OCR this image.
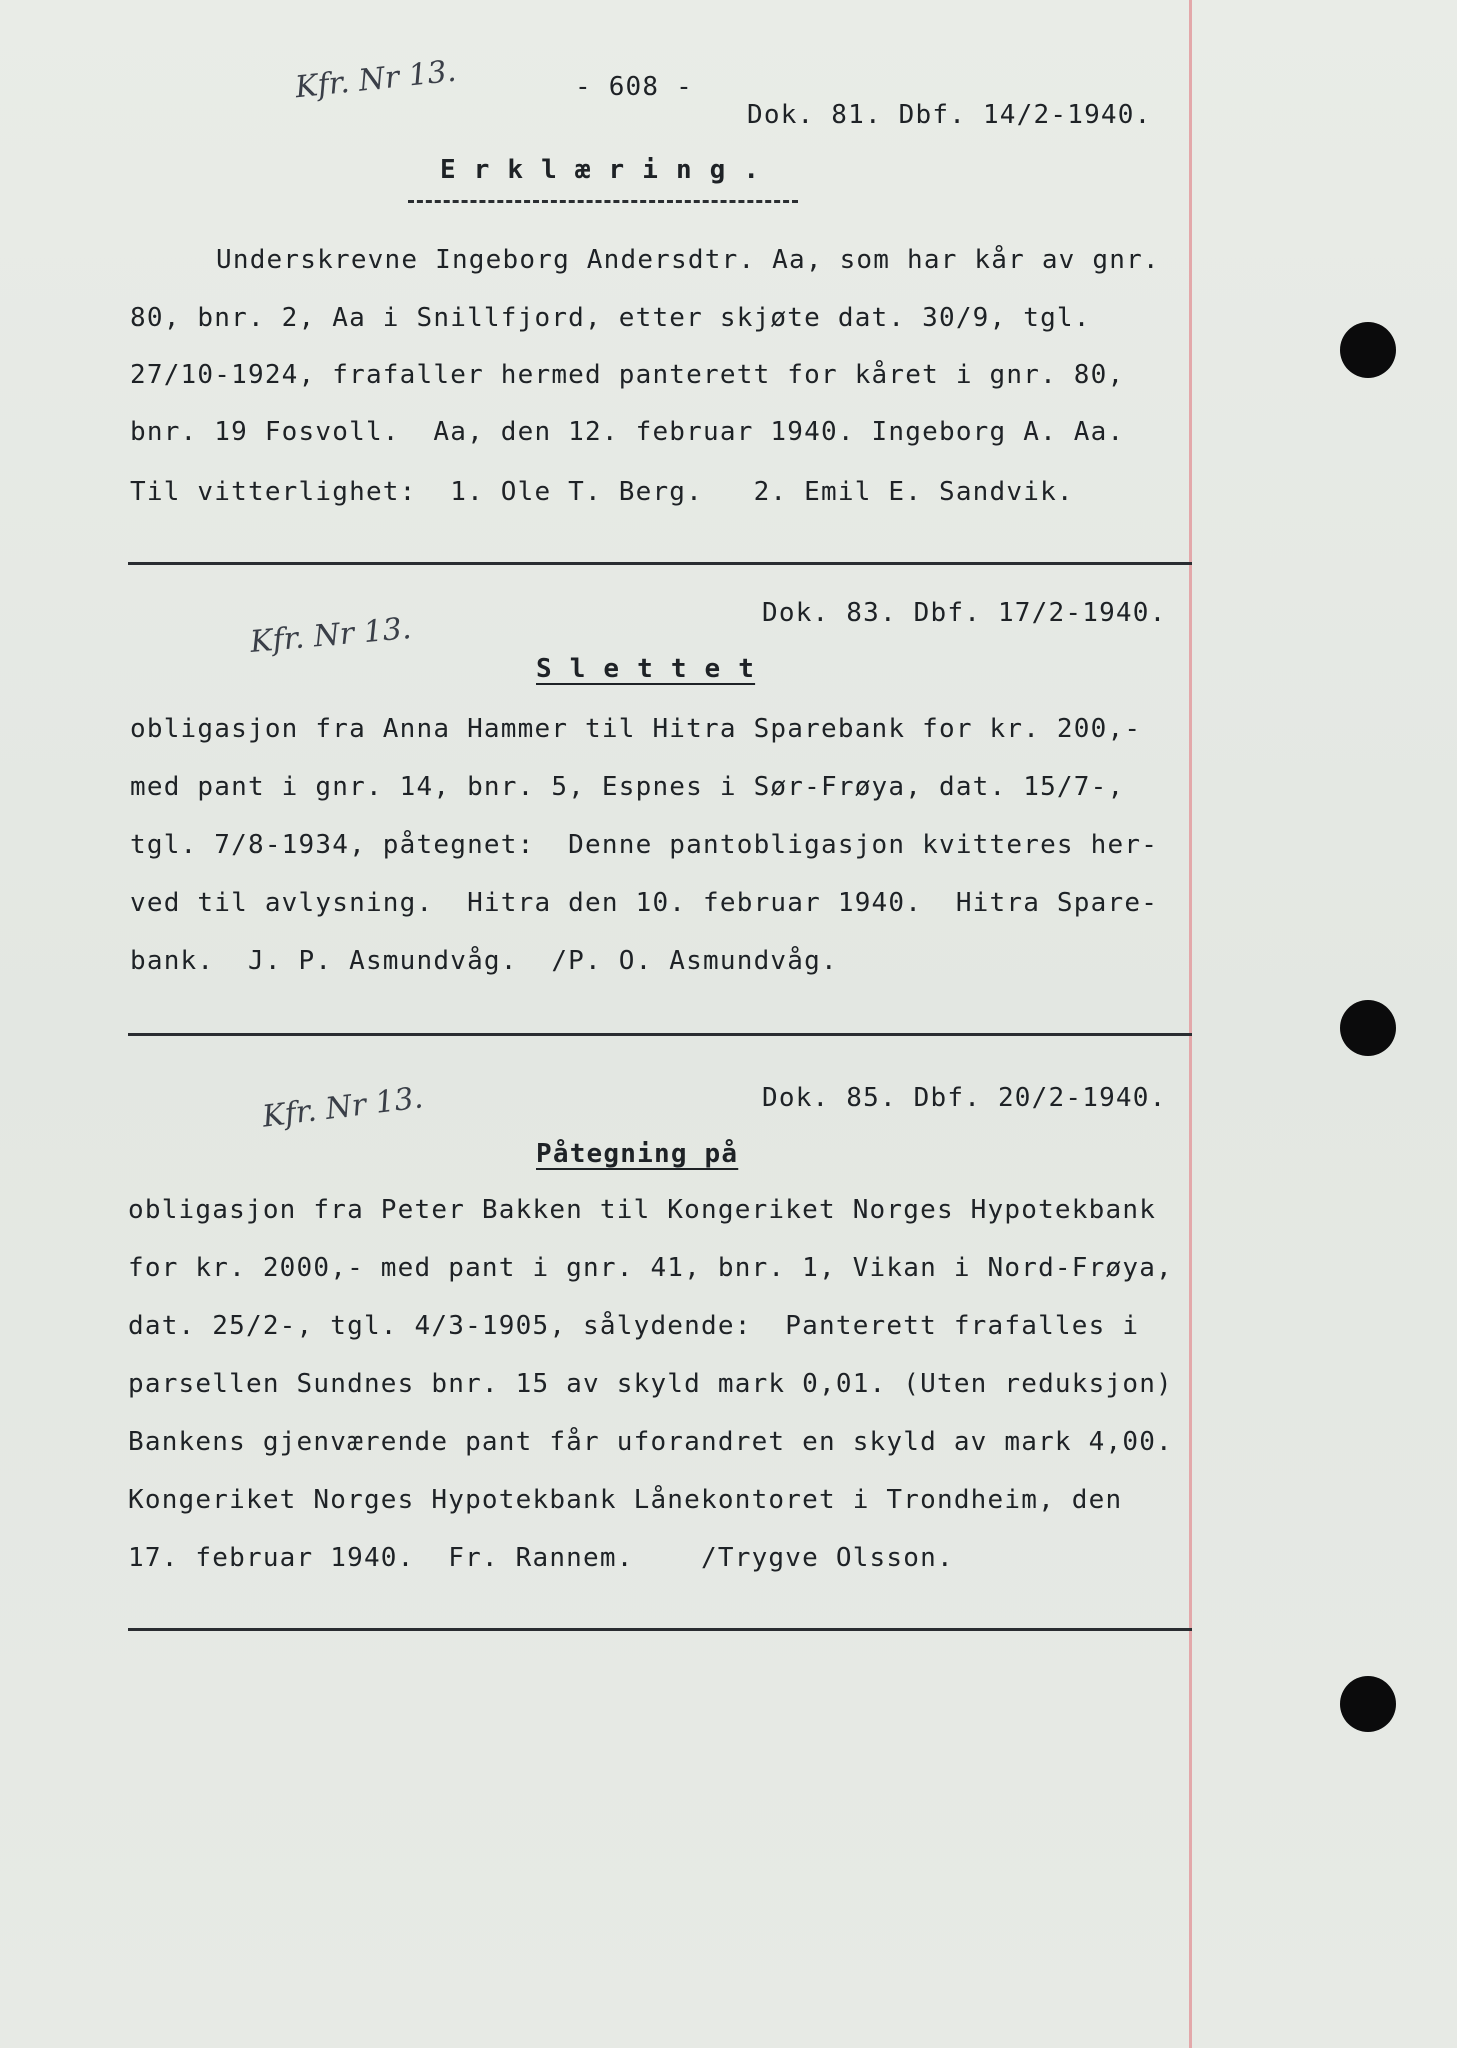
- 608 -
Kfr. Nr 13.
Dok. 81. Dbf. 14/2-1940.
E r k l æ r i n g .
Underskrevne Ingeborg Andersdtr. Aa, som har kår av gnr.
80, bnr. 2, Aa i Snillfjord, etter skjøte dat. 30/9, tgl.
27/10-1924, frafaller hermed panterett for kåret i gnr. 80,
bnr. 19 Fosvoll.  Aa, den 12. februar 1940. Ingeborg A. Aa.
Til vitterlighet:  1. Ole T. Berg.   2. Emil E. Sandvik.
Dok. 83. Dbf. 17/2-1940.
Kfr. Nr 13.
S l e t t e t
obligasjon fra Anna Hammer til Hitra Sparebank for kr. 200,-
med pant i gnr. 14, bnr. 5, Espnes i Sør-Frøya, dat. 15/7-,
tgl. 7/8-1934, påtegnet:  Denne pantobligasjon kvitteres her-
ved til avlysning.  Hitra den 10. februar 1940.  Hitra Spare-
bank.  J. P. Asmundvåg.  /P. O. Asmundvåg.
Dok. 85. Dbf. 20/2-1940.
Kfr. Nr 13.
Påtegning på
obligasjon fra Peter Bakken til Kongeriket Norges Hypotekbank
for kr. 2000,- med pant i gnr. 41, bnr. 1, Vikan i Nord-Frøya,
dat. 25/2-, tgl. 4/3-1905, sålydende:  Panterett frafalles i
parsellen Sundnes bnr. 15 av skyld mark 0,01. (Uten reduksjon)
Bankens gjenværende pant får uforandret en skyld av mark 4,00.
Kongeriket Norges Hypotekbank Lånekontoret i Trondheim, den
17. februar 1940.  Fr. Rannem.    /Trygve Olsson.
